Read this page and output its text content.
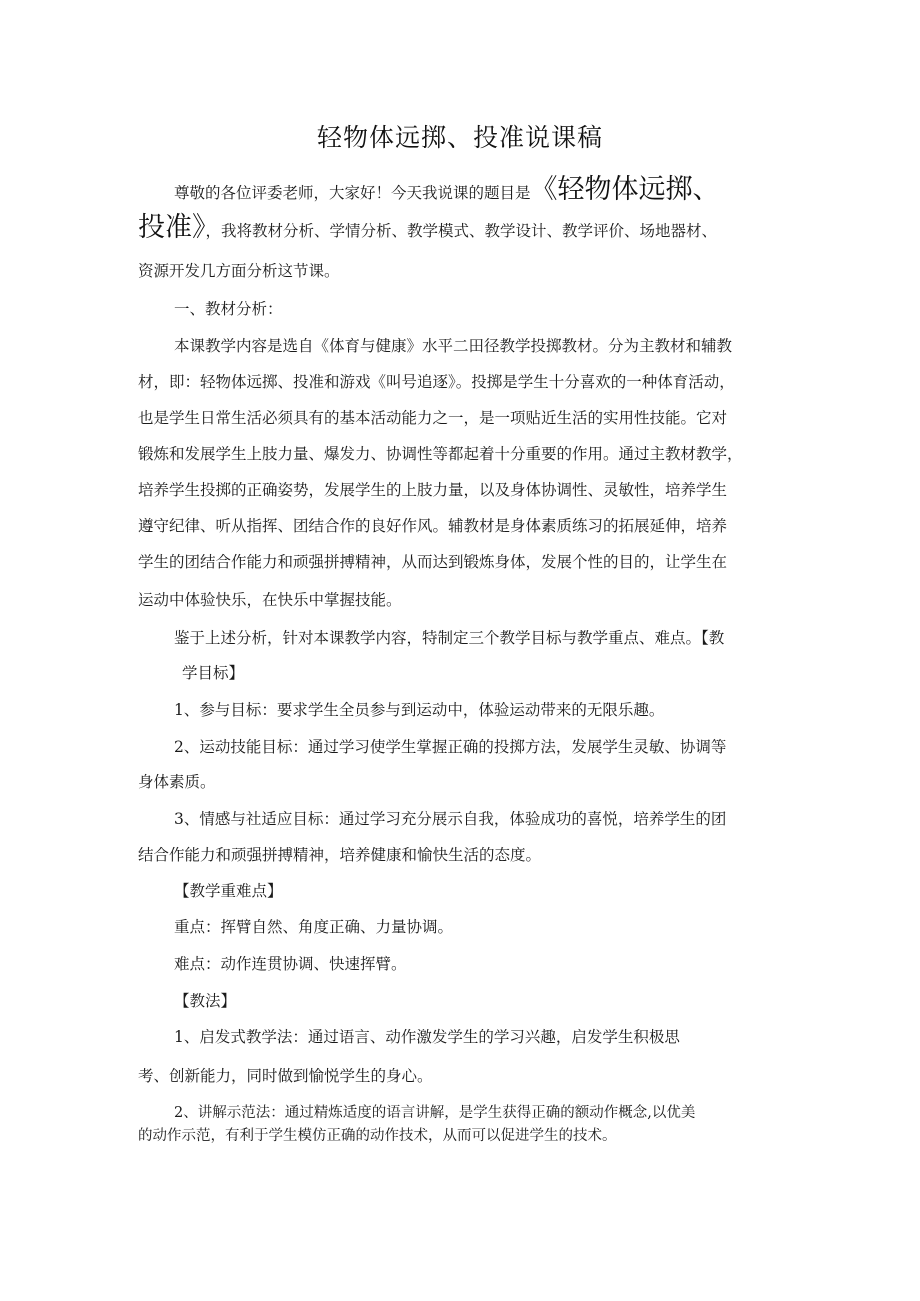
轻物体远掷、投准说课稿
尊敬的各位评委老师，大家好！今天我说课的题目是《轻物体远掷、
投准》，我将教材分析、学情分析、教学模式、教学设计、教学评价、场地器材、
资源开发几方面分析这节课。
一、教材分析：
本课教学内容是选自《体育与健康》水平二田径教学投掷教材。分为主教材和辅教
材，即：轻物体远掷、投准和游戏《叫号追逐》。投掷是学生十分喜欢的一种体育活动，
也是学生日常生活必须具有的基本活动能力之一，是一项贴近生活的实用性技能。它对
锻炼和发展学生上肢力量、爆发力、协调性等都起着十分重要的作用。通过主教材教学，
培养学生投掷的正确姿势，发展学生的上肢力量，以及身体协调性、灵敏性，培养学生
遵守纪律、听从指挥、团结合作的良好作风。辅教材是身体素质练习的拓展延伸，培养
学生的团结合作能力和顽强拼搏精神，从而达到锻炼身体，发展个性的目的，让学生在
运动中体验快乐，在快乐中掌握技能。
鉴于上述分析，针对本课教学内容，特制定三个教学目标与教学重点、难点。【教
学目标】
1、参与目标：要求学生全员参与到运动中，体验运动带来的无限乐趣。
2、运动技能目标：通过学习使学生掌握正确的投掷方法，发展学生灵敏、协调等
身体素质。
3、情感与社适应目标：通过学习充分展示自我，体验成功的喜悦，培养学生的团
结合作能力和顽强拼搏精神，培养健康和愉快生活的态度。
【教学重难点】
重点：挥臂自然、角度正确、力量协调。
难点：动作连贯协调、快速挥臂。
【教法】
1、启发式教学法：通过语言、动作激发学生的学习兴趣，启发学生积极思
考、创新能力，同时做到愉悦学生的身心。
2、讲解示范法：通过精炼适度的语言讲解，是学生获得正确的额动作概念,以优美
的动作示范，有利于学生模仿正确的动作技术，从而可以促进学生的技术。
